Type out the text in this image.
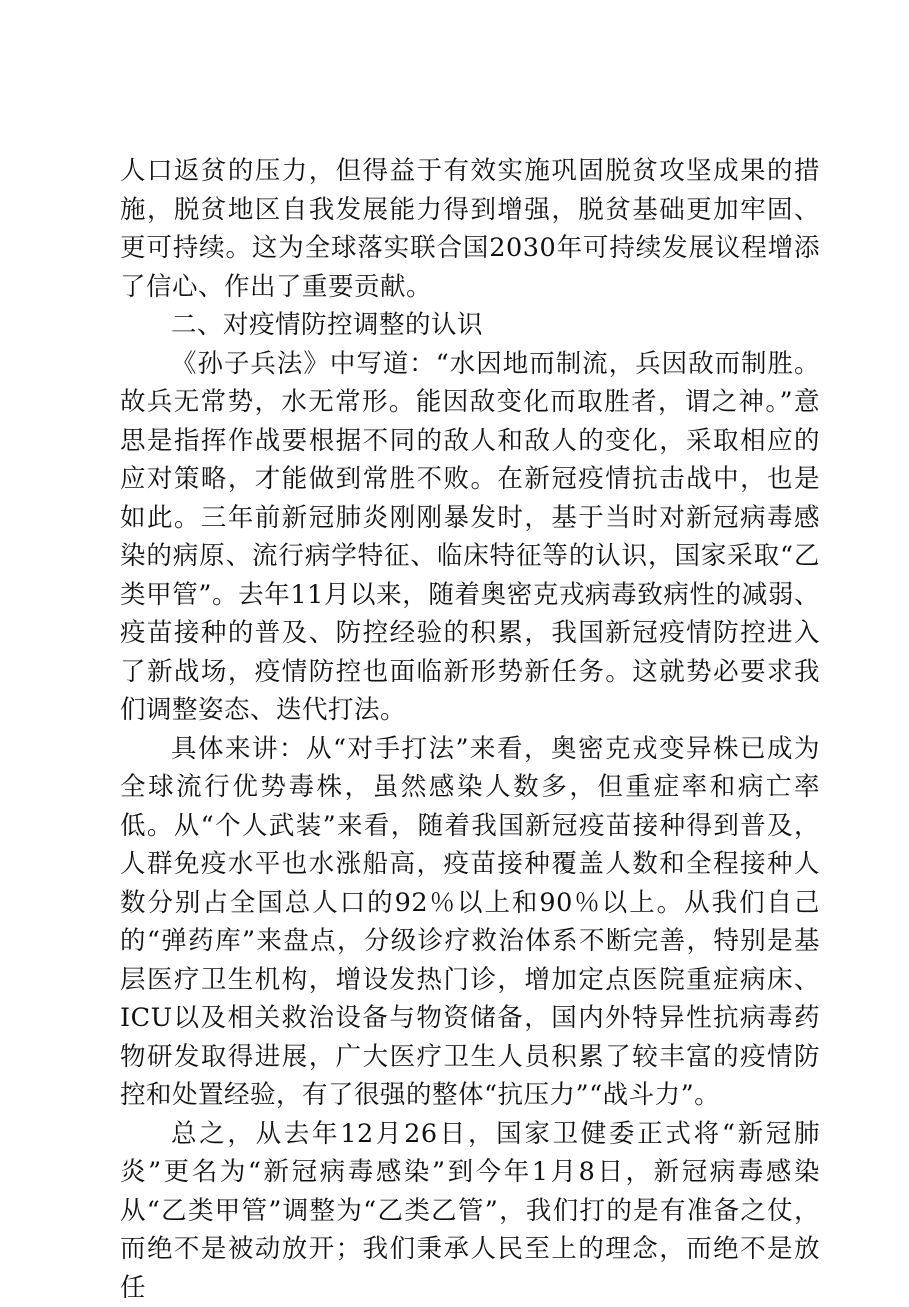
人口返贫的压力，但得益于有效实施巩固脱贫攻坚成果的措施，脱贫地区自我发展能力得到增强，脱贫基础更加牢固、更可持续。这为全球落实联合国2030年可持续发展议程增添了信心、作出了重要贡献。

二、对疫情防控调整的认识

《孙子兵法》中写道：“水因地而制流，兵因敌而制胜。故兵无常势，水无常形。能因敌变化而取胜者，谓之神。”意思是指挥作战要根据不同的敌人和敌人的变化，采取相应的应对策略，才能做到常胜不败。在新冠疫情抗击战中，也是如此。三年前新冠肺炎刚刚暴发时，基于当时对新冠病毒感染的病原、流行病学特征、临床特征等的认识，国家采取“乙类甲管”。去年11月以来，随着奥密克戎病毒致病性的减弱、疫苗接种的普及、防控经验的积累，我国新冠疫情防控进入了新战场，疫情防控也面临新形势新任务。这就势必要求我们调整姿态、迭代打法。

具体来讲：从“对手打法”来看，奥密克戎变异株已成为全球流行优势毒株，虽然感染人数多，但重症率和病亡率低。从“个人武装”来看，随着我国新冠疫苗接种得到普及，人群免疫水平也水涨船高，疫苗接种覆盖人数和全程接种人数分别占全国总人口的92％以上和90％以上。从我们自己的“弹药库”来盘点，分级诊疗救治体系不断完善，特别是基层医疗卫生机构，增设发热门诊，增加定点医院重症病床、ICU以及相关救治设备与物资储备，国内外特异性抗病毒药物研发取得进展，广大医疗卫生人员积累了较丰富的疫情防控和处置经验，有了很强的整体“抗压力”“战斗力”。

总之，从去年12月26日，国家卫健委正式将“新冠肺炎”更名为“新冠病毒感染”到今年1月8日，新冠病毒感染从“乙类甲管”调整为“乙类乙管”，我们打的是有准备之仗，而绝不是被动放开；我们秉承人民至上的理念，而绝不是放任
